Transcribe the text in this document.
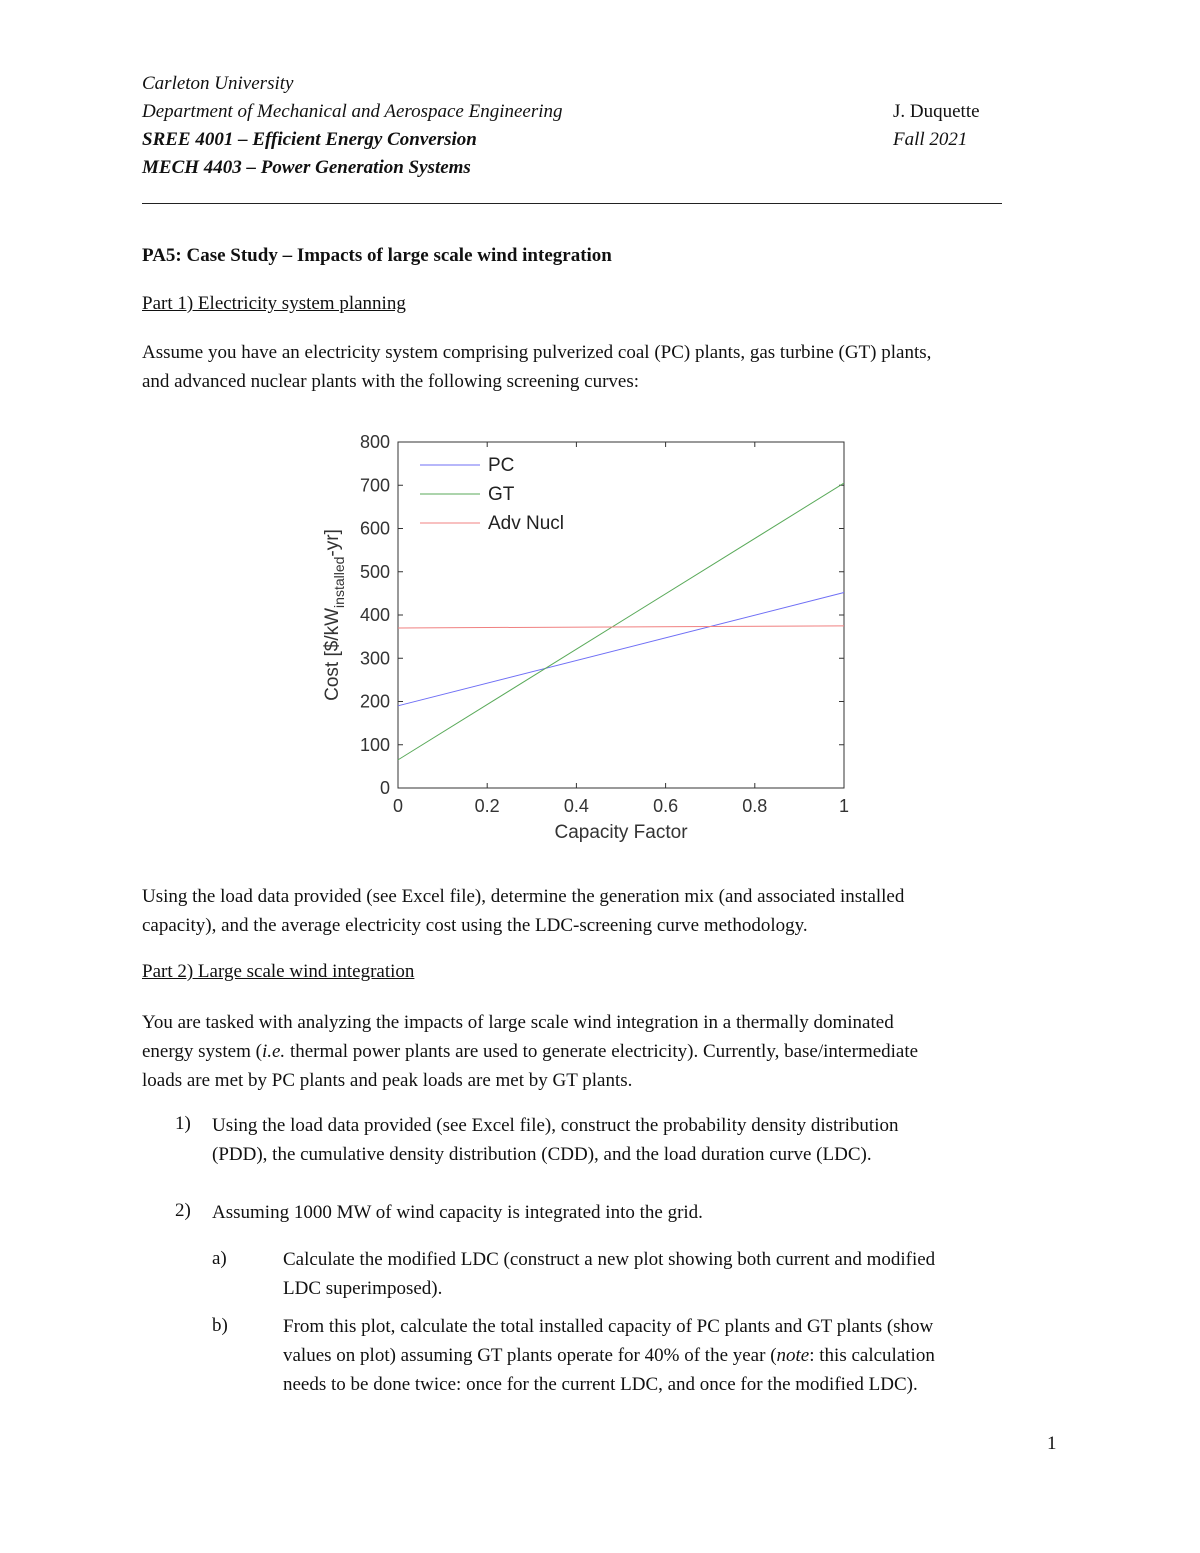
Carleton University
Department of Mechanical and Aerospace Engineering	J. Duquette
SREE 4001 – Efficient Energy Conversion	Fall 2021
MECH 4403 – Power Generation Systems
PA5: Case Study – Impacts of large scale wind integration
Part 1) Electricity system planning
Assume you have an electricity system comprising pulverized coal (PC) plants, gas turbine (GT) plants,
and advanced nuclear plants with the following screening curves:
0	0.2	0.4	0.6	0.8	1
0
100
200
300
400
500
600
700
800
PC
GT
Adv Nucl
Capacity Factor
Cost $[\$/kW_{installed}-yr]$
Using the load data provided (see Excel file), determine the generation mix (and associated installed
capacity), and the average electricity cost using the LDC-screening curve methodology.
Part 2) Large scale wind integration
You are tasked with analyzing the impacts of large scale wind integration in a thermally dominated
energy system (i.e. thermal power plants are used to generate electricity). Currently, base/intermediate
loads are met by PC plants and peak loads are met by GT plants.
1) Using the load data provided (see Excel file), construct the probability density distribution
(PDD), the cumulative density distribution (CDD), and the load duration curve (LDC).
2) Assuming 1000 MW of wind capacity is integrated into the grid.
a)	Calculate the modified LDC (construct a new plot showing both current and modified
LDC superimposed).
b)	From this plot, calculate the total installed capacity of PC plants and GT plants (show
values on plot) assuming GT plants operate for 40% of the year (note: this calculation
needs to be done twice: once for the current LDC, and once for the modified LDC).
1
